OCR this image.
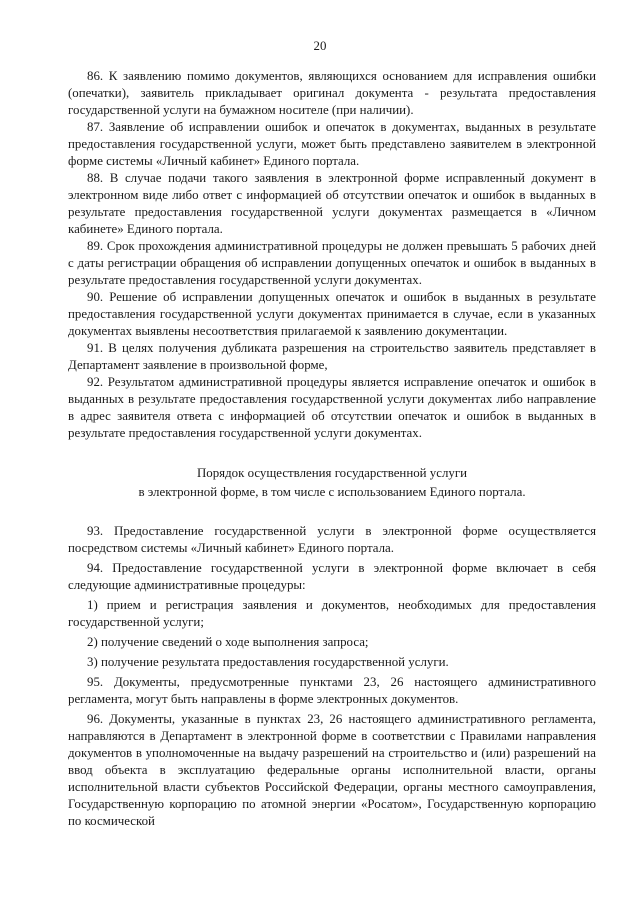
20

86. К заявлению помимо документов, являющихся основанием для исправления ошибки (опечатки), заявитель прикладывает оригинал документа - результата предоставления государственной услуги на бумажном носителе (при наличии).

87. Заявление об исправлении ошибок и опечаток в документах, выданных в результате предоставления государственной услуги, может быть представлено заявителем в электронной форме системы «Личный кабинет» Единого портала.

88. В случае подачи такого заявления в электронной форме исправленный документ в электронном виде либо ответ с информацией об отсутствии опечаток и ошибок в выданных в результате предоставления государственной услуги документах размещается в «Личном кабинете» Единого портала.

89. Срок прохождения административной процедуры не должен превышать 5 рабочих дней с даты регистрации обращения об исправлении допущенных опечаток и ошибок в выданных в результате предоставления государственной услуги документах.

90. Решение об исправлении допущенных опечаток и ошибок в выданных в результате предоставления государственной услуги документах принимается в случае, если в указанных документах выявлены несоответствия прилагаемой к заявлению документации.

91. В целях получения дубликата разрешения на строительство заявитель представляет в Департамент заявление в произвольной форме,

92. Результатом административной процедуры является исправление опечаток и ошибок в выданных в результате предоставления государственной услуги документах либо направление в адрес заявителя ответа с информацией об отсутствии опечаток и ошибок в выданных в результате предоставления государственной услуги документах.

Порядок осуществления государственной услуги
в электронной форме, в том числе с использованием Единого портала.

93. Предоставление государственной услуги в электронной форме осуществляется посредством системы «Личный кабинет» Единого портала.

94. Предоставление государственной услуги в электронной форме включает в себя следующие административные процедуры:

1) прием и регистрация заявления и документов, необходимых для предоставления государственной услуги;

2) получение сведений о ходе выполнения запроса;

3) получение результата предоставления государственной услуги.

95. Документы, предусмотренные пунктами 23, 26 настоящего административного регламента, могут быть направлены в форме электронных документов.

96. Документы, указанные в пунктах 23, 26 настоящего административного регламента, направляются в Департамент в электронной форме в соответствии с Правилами направления документов в уполномоченные на выдачу разрешений на строительство и (или) разрешений на ввод объекта в эксплуатацию федеральные органы исполнительной власти, органы исполнительной власти субъектов Российской Федерации, органы местного самоуправления, Государственную корпорацию по атомной энергии «Росатом», Государственную корпорацию по космической
